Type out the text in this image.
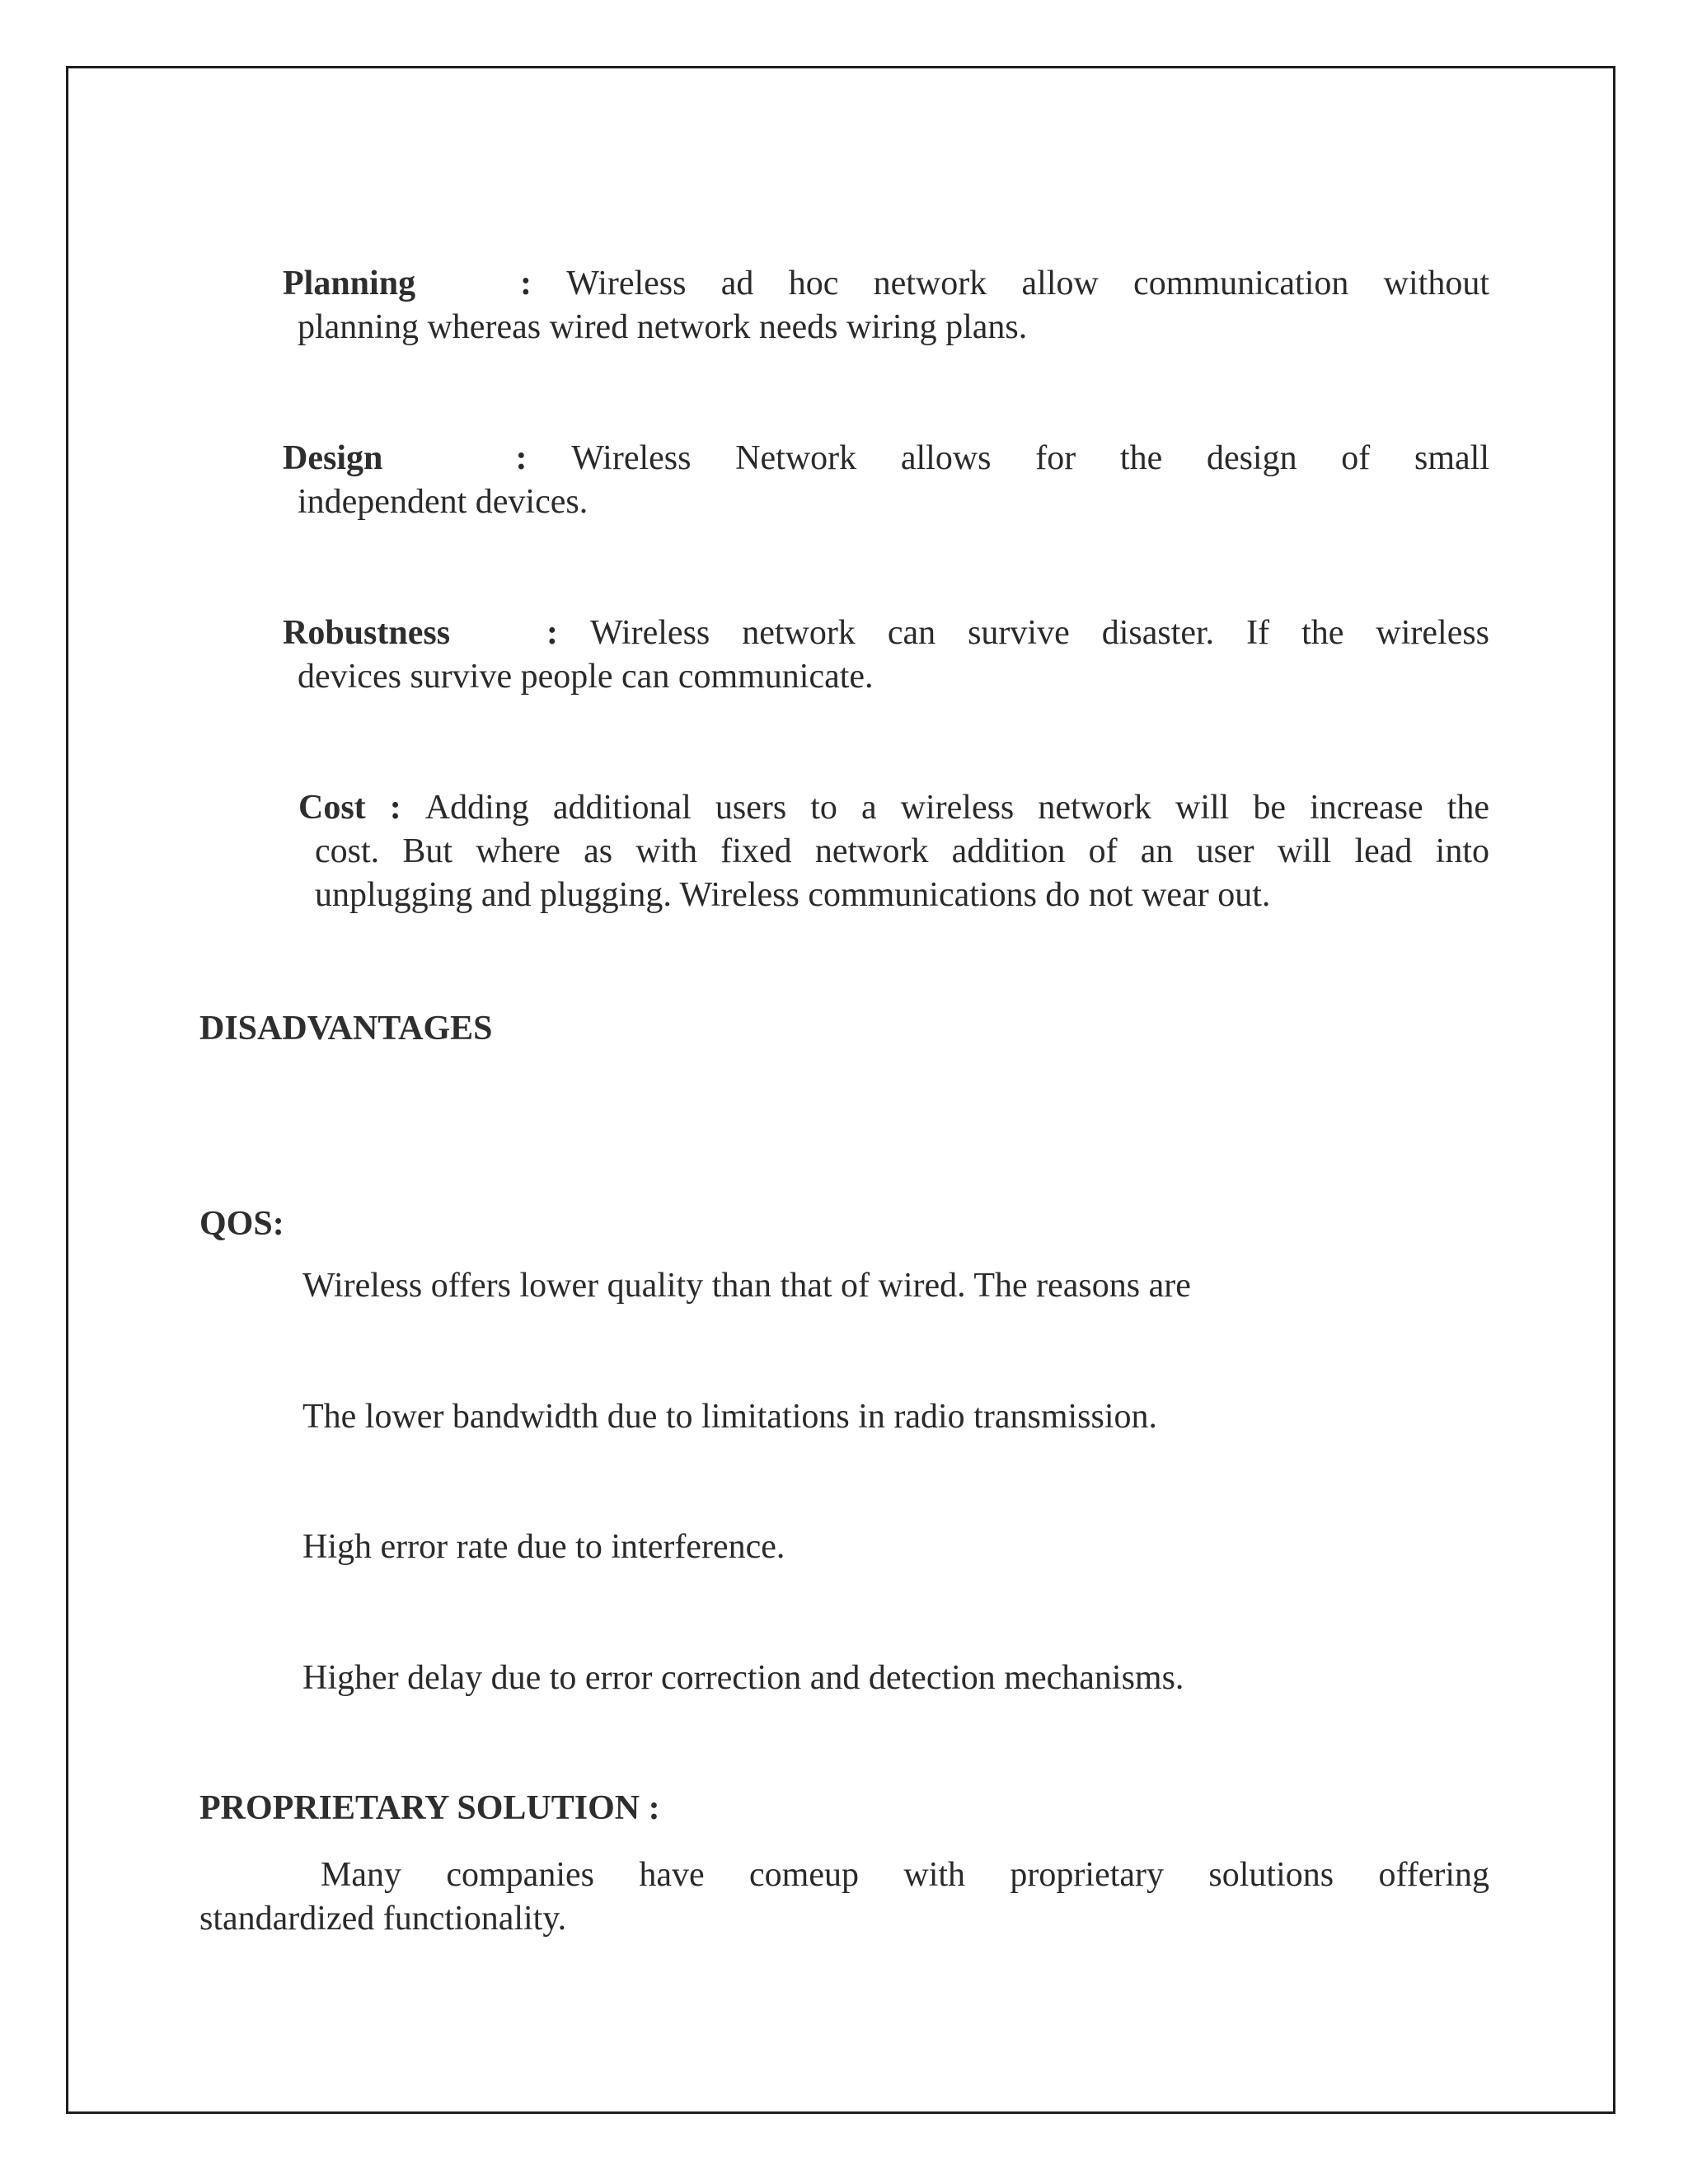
Planning	: Wireless ad hoc network allow communication without
planning whereas wired network needs wiring plans.
Design	: Wireless Network allows for the design of small
independent devices.
Robustness	: Wireless network can survive disaster. If the wireless
devices survive people can communicate.
Cost : Adding additional users to a wireless network will be increase the
cost. But where as with fixed network addition of an user will lead into
unplugging and plugging. Wireless communications do not wear out.
DISADVANTAGES
QOS:
Wireless offers lower quality than that of wired. The reasons are
The lower bandwidth due to limitations in radio transmission.
High error rate due to interference.
Higher delay due to error correction and detection mechanisms.
PROPRIETARY SOLUTION :
Many companies have comeup with proprietary solutions offering
standardized functionality.
